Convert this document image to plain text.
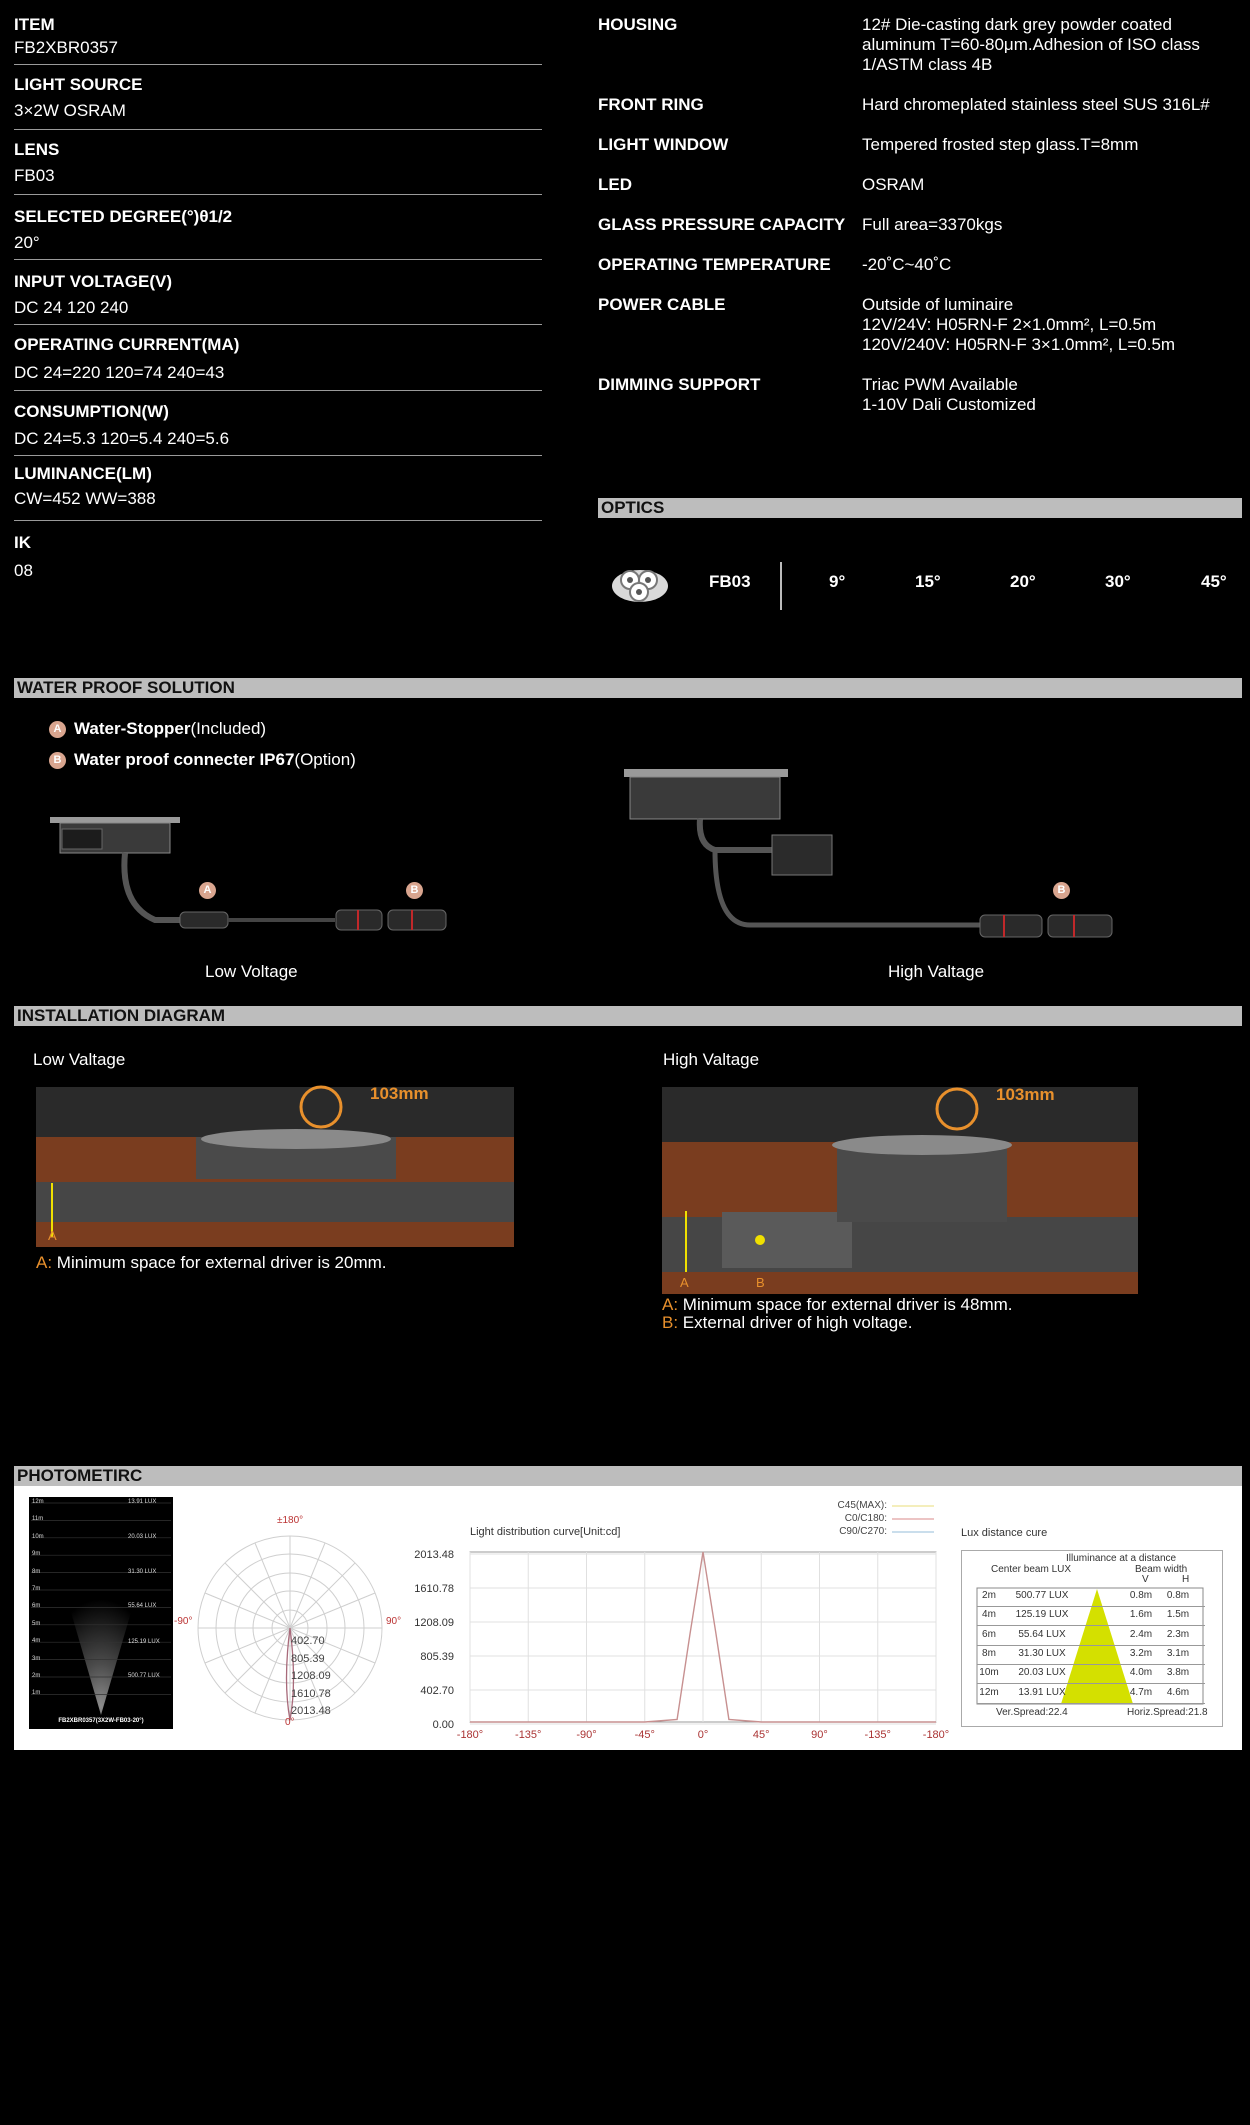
ITEM
FB2XBR0357
LIGHT SOURCE
3×2W OSRAM
LENS
FB03
SELECTED DEGREE(°)θ1/2
20°
INPUT VOLTAGE(V)
DC 24 120 240
OPERATING CURRENT(MA)
DC 24=220 120=74 240=43
CONSUMPTION(W)
DC 24=5.3 120=5.4 240=5.6
LUMINANCE(LM)
CW=452 WW=388
IK
08
HOUSING	12# Die-casting dark grey powder coated
aluminum T=60-80μm.Adhesion of ISO class
1/ASTM class 4B
FRONT RING	Hard chromeplated stainless steel SUS 316L#
LIGHT WINDOW	Tempered frosted step glass.T=8mm
LED	OSRAM
GLASS PRESSURE CAPACITY Full area=3370kgs
OPERATING TEMPERATURE -20˚C~40˚C
POWER CABLE	Outside of luminaire
12V/24V: H05RN-F 2×1.0mm², L=0.5m
120V/240V: H05RN-F 3×1.0mm², L=0.5m
DIMMING SUPPORT	Triac PWM Available
1-10V Dali Customized
OPTICS
FB03	9°	15°	20°	30°	45°
WATER PROOF SOLUTION
A Water-Stopper(Included)
B Water proof connecter IP67(Option)
A	B
Low Voltage
B
High Valtage
INSTALLATION DIAGRAM
Low Valtage	High Valtage
103mm
A
103mm
A	B
A: Minimum space for external driver is 20mm.
A: Minimum space for external driver is 48mm.
B: External driver of high voltage.
PHOTOMETIRC
12m
11m
10m
9m
8m
7m
6m
5m
4m
3m
2m
1m
13.91 LUX
20.03 LUX
31.30 LUX
55.64 LUX
125.19 LUX
500.77 LUX
FB2XBR0357(3X2W-FB03-20°)
±180°
-90°	90°
0°
402.70
805.39
1208.09
1610.78
2013.48
C45(MAX):
C0/C180:
C90/C270:
Light distribution curve[Unit:cd]
-180°	-135°	-90°	-45°	0°	45°	90°	-135°	-180°
2013.48
1610.78
1208.09
805.39
402.70
0.00
Lux distance cure
Illuminance at a distance
Center beam LUX	Beam width
V	H
2m	500.77 LUX	0.8m	0.8m
4m	125.19 LUX	1.6m	1.5m
6m	55.64 LUX	2.4m	2.3m
8m	31.30 LUX	3.2m	3.1m
10m	20.03 LUX	4.0m	3.8m
12m	13.91 LUX	4.7m	4.6m
Ver.Spread:22.4	Horiz.Spread:21.8
